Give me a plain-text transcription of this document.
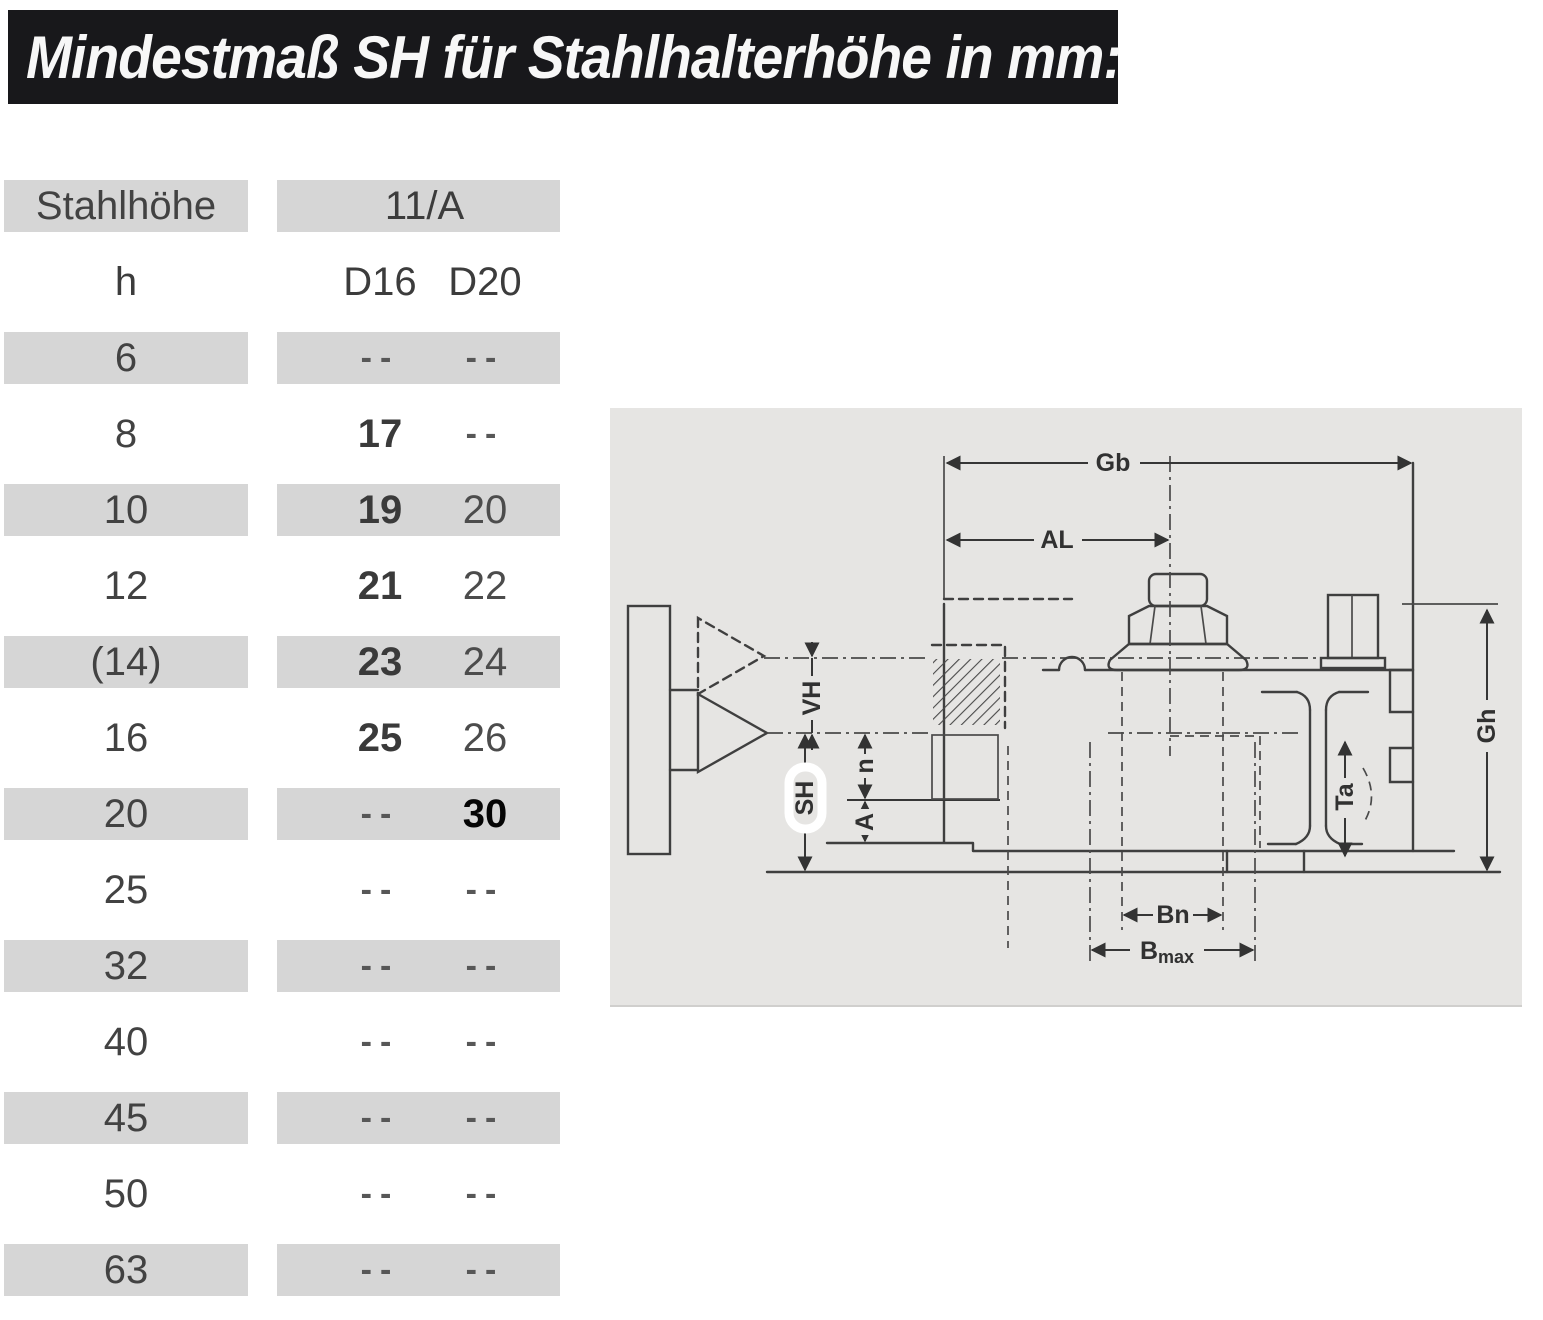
Mindestmaß SH für Stahlhalterhöhe in mm:
Stahlhöhe	11/A
h	D16 D20
6	--	--
8	17	--
10	19	20
12	21	22
(14)	23	24
16	25	26
20	--	30
25	--	--
32	--	--
40	--	--
45	--	--
50	--	--
63	--	--
Gb
AL
VH
SH
n
A
Gh
Ta
Bn
Bmax
